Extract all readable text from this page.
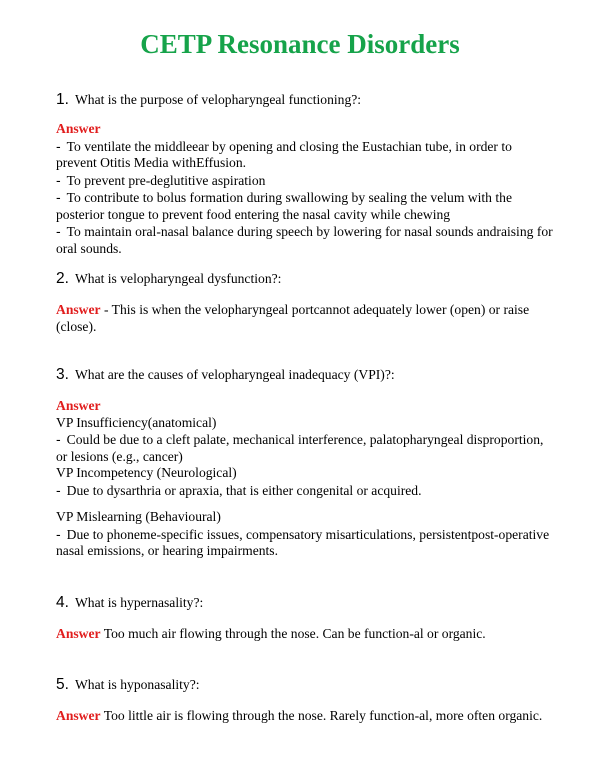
CETP Resonance Disorders
1. What is the purpose of velopharyngeal functioning?:
Answer
- To ventilate the middleear by opening and closing the Eustachian tube, in order to prevent Otitis Media withEffusion.
- To prevent pre-deglutitive aspiration
- To contribute to bolus formation during swallowing by sealing the velum with the posterior tongue to prevent food entering the nasal cavity while chewing
- To maintain oral-nasal balance during speech by lowering for nasal sounds andraising for oral sounds.
2. What is velopharyngeal dysfunction?:
Answer - This is when the velopharyngeal portcannot adequately lower (open) or raise (close).
3. What are the causes of velopharyngeal inadequacy (VPI)?:
Answer
VP Insufficiency(anatomical)
- Could be due to a cleft palate, mechanical interference, palatopharyngeal disproportion, or lesions (e.g., cancer)
VP Incompetency (Neurological)
- Due to dysarthria or apraxia, that is either congenital or acquired.
VP Mislearning (Behavioural)
- Due to phoneme-specific issues, compensatory misarticulations, persistentpost-operative nasal emissions, or hearing impairments.
4. What is hypernasality?:
Answer Too much air flowing through the nose. Can be function-al or organic.
5. What is hyponasality?:
Answer Too little air is flowing through the nose. Rarely function-al, more often organic.
